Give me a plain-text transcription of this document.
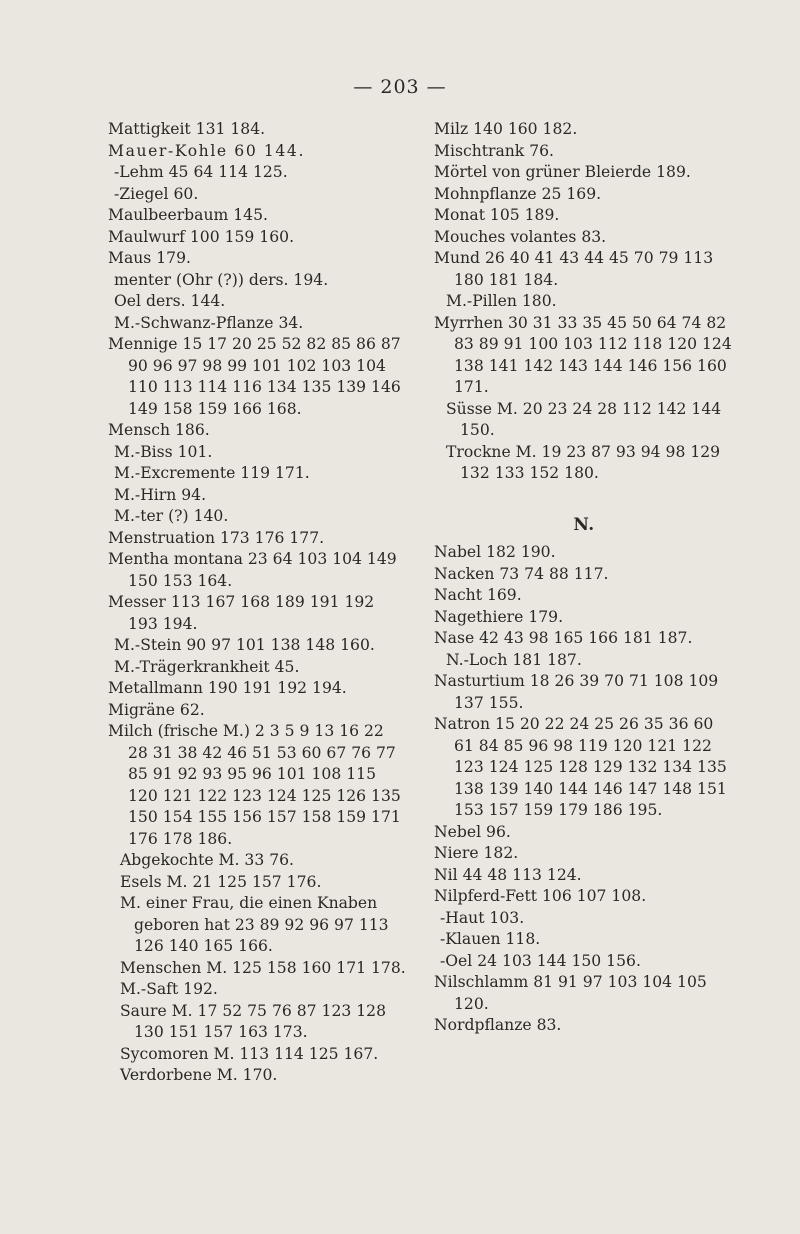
— 203 —

Mattigkeit 131 184.

Mauer-Kohle 60 144.

-Lehm 45 64 114 125.

-Ziegel 60.

Maulbeerbaum 145.

Maulwurf 100 159 160.

Maus 179.

menter (Ohr (?)) ders. 194.

Oel ders. 144.

M.-Schwanz-Pflanze 34.

Mennige 15 17 20 25 52 82 85 86 87 90 96 97 98 99 101 102 103 104 110 113 114 116 134 135 139 146 149 158 159 166 168.

Mensch 186.

M.-Biss 101.

M.-Excremente 119 171.

M.-Hirn 94.

M.-ter (?) 140.

Menstruation 173 176 177.

Mentha montana 23 64 103 104 149 150 153 164.

Messer 113 167 168 189 191 192 193 194.

M.-Stein 90 97 101 138 148 160.

M.-Trägerkrankheit 45.

Metallmann 190 191 192 194.

Migräne 62.

Milch (frische M.) 2 3 5 9 13 16 22 28 31 38 42 46 51 53 60 67 76 77 85 91 92 93 95 96 101 108 115 120 121 122 123 124 125 126 135 150 154 155 156 157 158 159 171 176 178 186.

Abgekochte M. 33 76.

Esels M. 21 125 157 176.

M. einer Frau, die einen Knaben geboren hat 23 89 92 96 97 113 126 140 165 166.

Menschen M. 125 158 160 171 178.

M.-Saft 192.

Saure M. 17 52 75 76 87 123 128 130 151 157 163 173.

Sycomoren M. 113 114 125 167.

Verdorbene M. 170.

Milz 140 160 182.

Mischtrank 76.

Mörtel von grüner Bleierde 189.

Mohnpflanze 25 169.

Monat 105 189.

Mouches volantes 83.

Mund 26 40 41 43 44 45 70 79 113 180 181 184.

M.-Pillen 180.

Myrrhen 30 31 33 35 45 50 64 74 82 83 89 91 100 103 112 118 120 124 138 141 142 143 144 146 156 160 171.

Süsse M. 20 23 24 28 112 142 144 150.

Trockne M. 19 23 87 93 94 98 129 132 133 152 180.

N.

Nabel 182 190.

Nacken 73 74 88 117.

Nacht 169.

Nagethiere 179.

Nase 42 43 98 165 166 181 187.

N.-Loch 181 187.

Nasturtium 18 26 39 70 71 108 109 137 155.

Natron 15 20 22 24 25 26 35 36 60 61 84 85 96 98 119 120 121 122 123 124 125 128 129 132 134 135 138 139 140 144 146 147 148 151 153 157 159 179 186 195.

Nebel 96.

Niere 182.

Nil 44 48 113 124.

Nilpferd-Fett 106 107 108.

-Haut 103.

-Klauen 118.

-Oel 24 103 144 150 156.

Nilschlamm 81 91 97 103 104 105 120.

Nordpflanze 83.
